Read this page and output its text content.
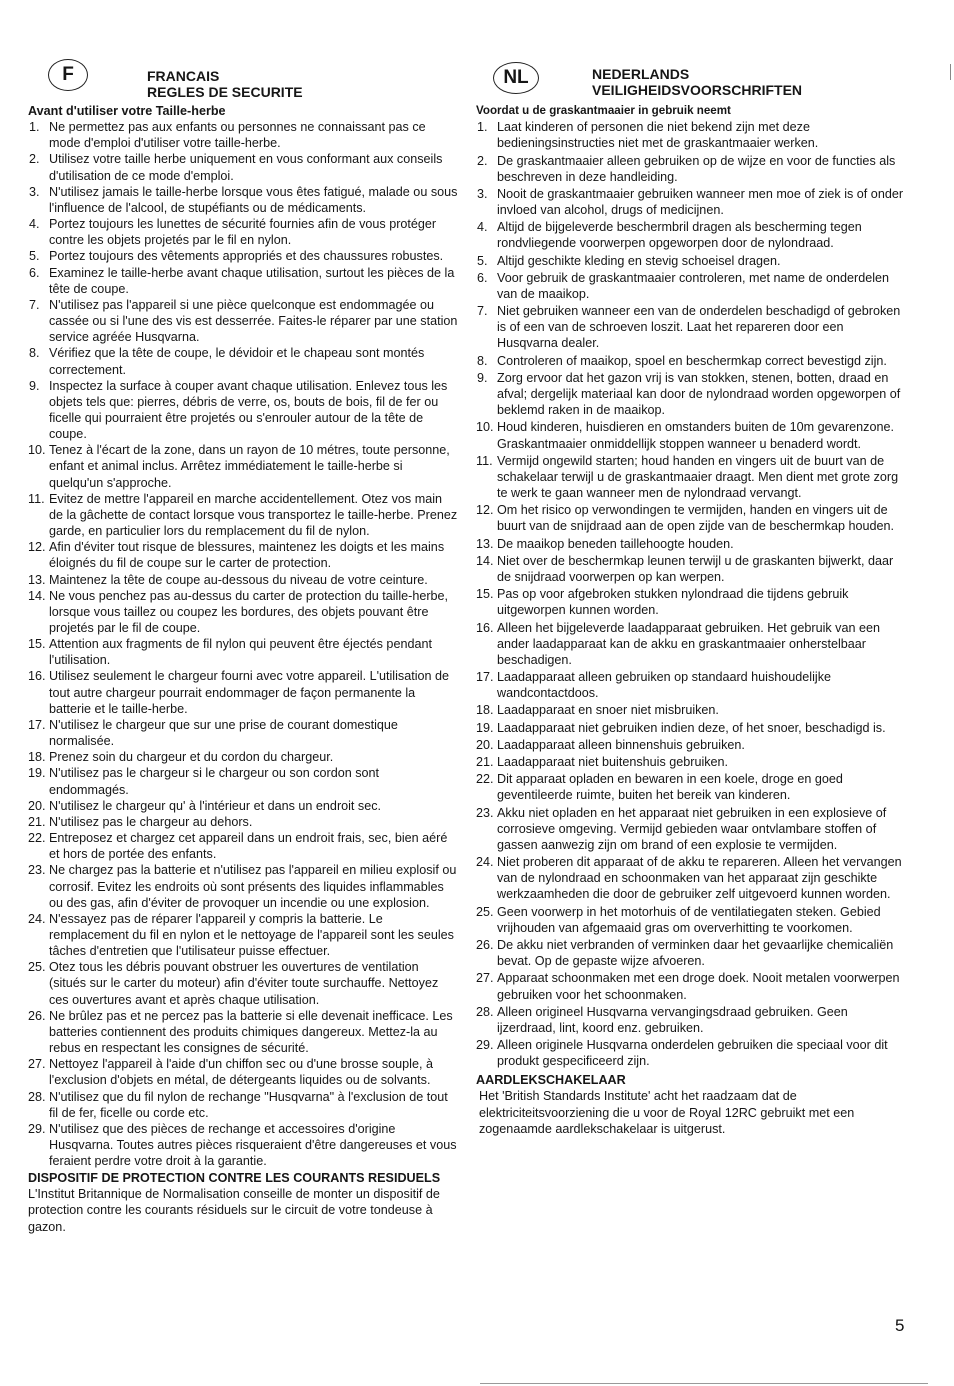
F	FRANCAIS
REGLES DE SECURITE
Avant d'utiliser votre Taille-herbe
1. Ne permettez pas aux enfants ou personnes ne connaissant pas ce mode d'emploi d'utiliser votre taille-herbe.
2. Utilisez votre taille herbe uniquement en vous conformant aux conseils d'utilisation de ce mode d'emploi.
3. N'utilisez jamais le taille-herbe lorsque vous êtes fatigué, malade ou sous l'influence de l'alcool, de stupéfiants ou de médicaments.
4. Portez toujours les lunettes de sécurité fournies afin de vous protéger contre les objets projetés par le fil en nylon.
5. Portez toujours des vêtements appropriés et des chaussures robustes.
6. Examinez le taille-herbe avant chaque utilisation, surtout les pièces de la tête de coupe.
7. N'utilisez pas l'appareil si une pièce quelconque est endommagée ou cassée ou si l'une des vis est desserrée. Faites-le réparer par une station service agréée Husqvarna.
8. Vérifiez que la tête de coupe, le dévidoir et le chapeau sont montés correctement.
9. Inspectez la surface à couper avant chaque utilisation. Enlevez tous les objets tels que: pierres, débris de verre, os, bouts de bois, fil de fer ou ficelle qui pourraient être projetés ou s'enrouler autour de la tête de coupe.
10. Tenez à l'écart de la zone, dans un rayon de 10 métres, toute personne, enfant et animal inclus. Arrêtez immédiatement le taille-herbe si quelqu'un s'approche.
11. Evitez de mettre l'appareil en marche accidentellement. Otez vos main de la gâchette de contact lorsque vous transportez le taille-herbe. Prenez garde, en particulier lors du remplacement du fil de nylon.
12. Afin d'éviter tout risque de blessures, maintenez les doigts et les mains éloignés du fil de coupe sur le carter de protection.
13. Maintenez la tête de coupe au-dessous du niveau de votre ceinture.
14. Ne vous penchez pas au-dessus du carter de protection du taille-herbe, lorsque vous taillez ou coupez les bordures, des objets pouvant être projetés par le fil de coupe.
15. Attention aux fragments de fil nylon qui peuvent être éjectés pendant l'utilisation.
16. Utilisez seulement le chargeur fourni avec votre appareil. L'utilisation de tout autre chargeur pourrait endommager de façon permanente la batterie et le taille-herbe.
17. N'utilisez le chargeur que sur une prise de courant domestique normalisée.
18. Prenez soin du chargeur et du cordon du chargeur.
19. N'utilisez pas le chargeur si le chargeur ou son cordon sont endommagés.
20. N'utilisez le chargeur qu' à l'intérieur et dans un endroit sec.
21. N'utilisez pas le chargeur au dehors.
22. Entreposez et chargez cet appareil dans un endroit frais, sec, bien aéré et hors de portée des enfants.
23. Ne chargez pas la batterie et n'utilisez pas l'appareil en milieu explosif ou corrosif. Evitez les endroits où sont présents des liquides inflammables ou des gas, afin d'éviter de provoquer un incendie ou une explosion.
24. N'essayez pas de réparer l'appareil y compris la batterie. Le remplacement du fil en nylon et le nettoyage de l'appareil sont les seules tâches d'entretien que l'utilisateur puisse effectuer.
25. Otez tous les débris pouvant obstruer les ouvertures de ventilation (situés sur le carter du moteur) afin d'éviter toute surchauffe. Nettoyez ces ouvertures avant et après chaque utilisation.
26. Ne brûlez pas et ne percez pas la batterie si elle devenait inefficace. Les batteries contiennent des produits chimiques dangereux. Mettez-la au rebus en respectant les consignes de sécurité.
27. Nettoyez l'appareil à l'aide d'un chiffon sec ou d'une brosse souple, à l'exclusion d'objets en métal, de détergeants liquides ou de solvants.
28. N'utilisez que du fil nylon de rechange "Husqvarna" à l'exclusion de tout fil de fer, ficelle ou corde etc.
29. N'utilisez que des pièces de rechange et accessoires d'origine Husqvarna. Toutes autres pièces risqueraient d'être dangereuses et vous feraient perdre votre droit à la garantie.
DISPOSITIF DE PROTECTION CONTRE LES COURANTS RESIDUELS
L'Institut Britannique de Normalisation conseille de monter un dispositif de protection contre les courants résiduels sur le circuit de votre tondeuse à gazon.
NL	NEDERLANDS
VEILIGHEIDSVOORSCHRIFTEN
Voordat u de graskantmaaier in gebruik neemt
1. Laat kinderen of personen die niet bekend zijn met deze bedieningsinstructies niet met de graskantmaaier werken.
2. De graskantmaaier alleen gebruiken op de wijze en voor de functies als beschreven in deze handleiding.
3. Nooit de graskantmaaier gebruiken wanneer men moe of ziek is of onder invloed van alcohol, drugs of medicijnen.
4. Altijd de bijgeleverde beschermbril dragen als bescherming tegen rondvliegende voorwerpen opgeworpen door de nylondraad.
5. Altijd geschikte kleding en stevig schoeisel dragen.
6. Voor gebruik de graskantmaaier controleren, met name de onderdelen van de maaikop.
7. Niet gebruiken wanneer een van de onderdelen beschadigd of gebroken is of een van de schroeven loszit. Laat het repareren door een Husqvarna dealer.
8. Controleren of maaikop, spoel en beschermkap correct bevestigd zijn.
9. Zorg ervoor dat het gazon vrij is van stokken, stenen, botten, draad en afval; dergelijk materiaal kan door de nylondraad worden opgeworpen of beklemd raken in de maaikop.
10. Houd kinderen, huisdieren en omstanders buiten de 10m gevarenzone. Graskantmaaier onmiddellijk stoppen wanneer u benaderd wordt.
11. Vermijd ongewild starten; houd handen en vingers uit de buurt van de schakelaar terwijl u de graskantmaaier draagt. Men dient met grote zorg te werk te gaan wanneer men de nylondraad vervangt.
12. Om het risico op verwondingen te vermijden, handen en vingers uit de buurt van de snijdraad aan de open zijde van de beschermkap houden.
13. De maaikop beneden taillehoogte houden.
14. Niet over de beschermkap leunen terwijl u de graskanten bijwerkt, daar de snijdraad voorwerpen op kan werpen.
15. Pas op voor afgebroken stukken nylondraad die tijdens gebruik uitgeworpen kunnen worden.
16. Alleen het bijgeleverde laadapparaat gebruiken. Het gebruik van een ander laadapparaat kan de akku en graskantmaaier onherstelbaar beschadigen.
17. Laadapparaat alleen gebruiken op standaard huishoudelijke wandcontactdoos.
18. Laadapparaat en snoer niet misbruiken.
19. Laadapparaat niet gebruiken indien deze, of het snoer, beschadigd is.
20. Laadapparaat alleen binnenshuis gebruiken.
21. Laadapparaat niet buitenshuis gebruiken.
22. Dit apparaat opladen en bewaren in een koele, droge en goed geventileerde ruimte, buiten het bereik van kinderen.
23. Akku niet opladen en het apparaat niet gebruiken in een explosieve of corrosieve omgeving. Vermijd gebieden waar ontvlambare stoffen of gassen aanwezig zijn om brand of een explosie te vermijden.
24. Niet proberen dit apparaat of de akku te repareren. Alleen het vervangen van de nylondraad en schoonmaken van het apparaat zijn geschikte werkzaamheden die door de gebruiker zelf uitgevoerd kunnen worden.
25. Geen voorwerp in het motorhuis of de ventilatiegaten steken. Gebied vrijhouden van afgemaaid gras om oververhitting te voorkomen.
26. De akku niet verbranden of verminken daar het gevaarlijke chemicaliën bevat. Op de gepaste wijze afvoeren.
27. Apparaat schoonmaken met een droge doek. Nooit metalen voorwerpen gebruiken voor het schoonmaken.
28. Alleen origineel Husqvarna vervangingsdraad gebruiken. Geen ijzerdraad, lint, koord enz. gebruiken.
29. Alleen originele Husqvarna onderdelen gebruiken die speciaal voor dit produkt gespecificeerd zijn.
AARDLEKSCHAKELAAR
Het 'British Standards Institute' acht het raadzaam dat de elektriciteitsvoorziening die u voor de Royal 12RC gebruikt met een zogenaamde aardlekschakelaar is uitgerust.
5
